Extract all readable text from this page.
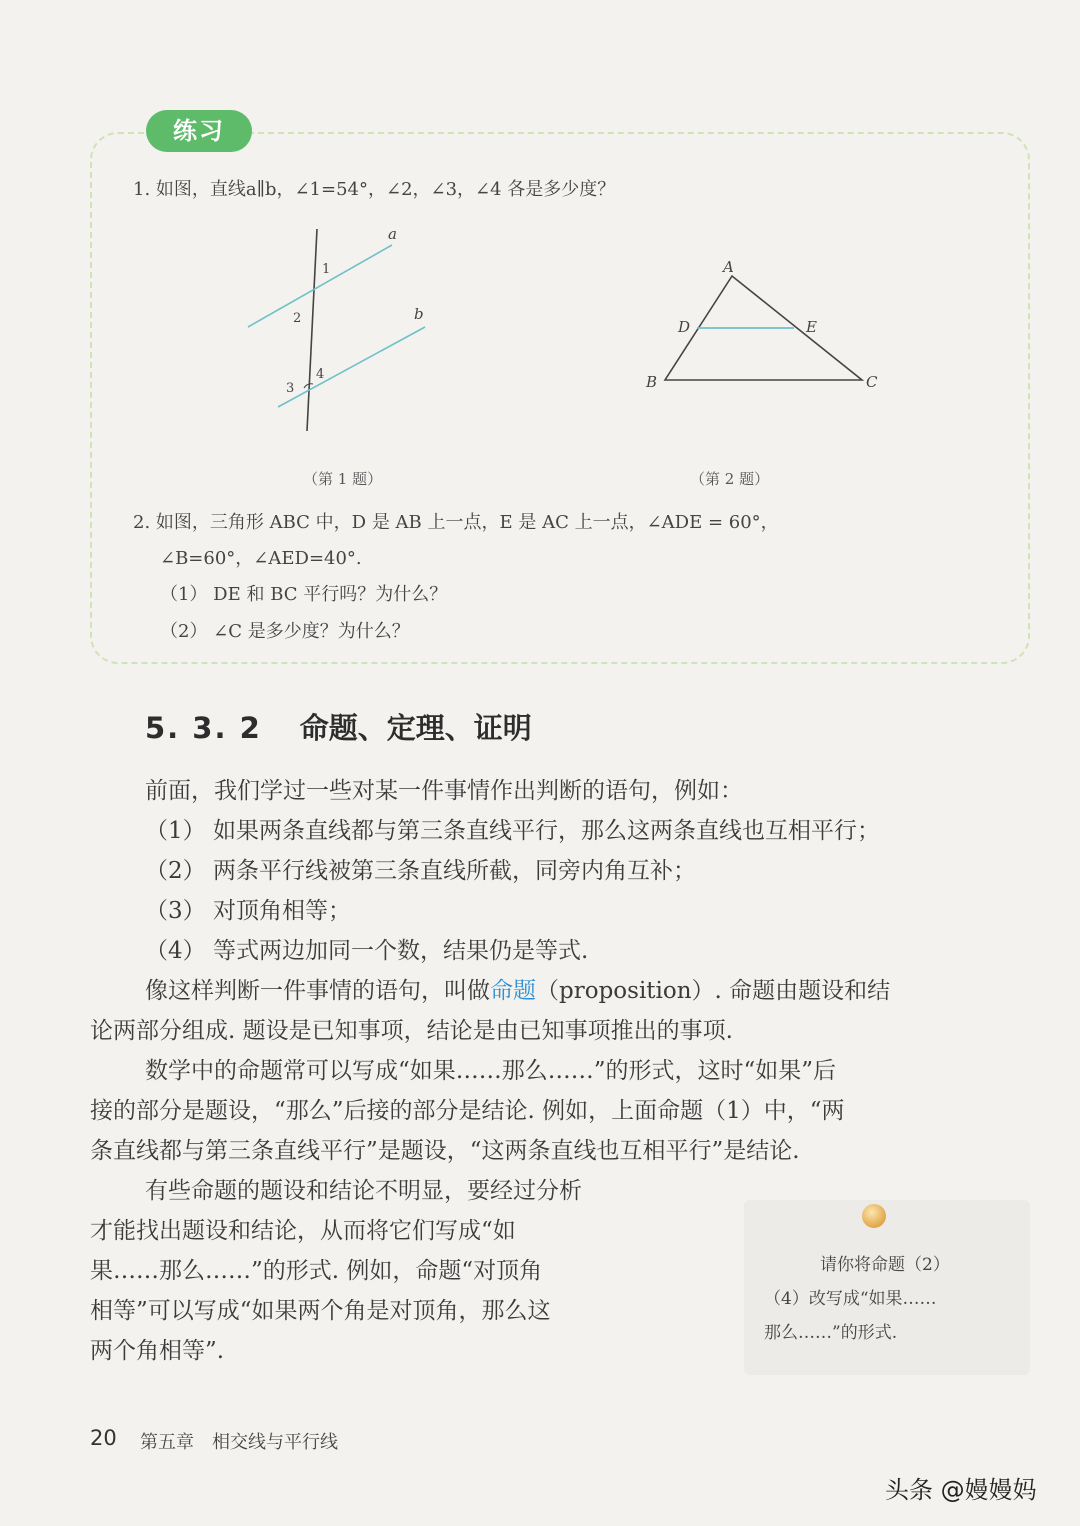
练习
1. 如图，直线a∥b，∠1=54°，∠2，∠3，∠4 各是多少度？
a
b
1
2
3
4
（第 1 题）
A
B	C
D	E
（第 2 题）
2. 如图，三角形 ABC 中，D 是 AB 上一点，E 是 AC 上一点，∠ADE = 60°，
∠B=60°，∠AED=40°.
（1） DE 和 BC 平行吗？为什么？
（2） ∠C 是多少度？为什么？
5. 3. 2 命题、定理、证明
前面，我们学过一些对某一件事情作出判断的语句，例如：
（1） 如果两条直线都与第三条直线平行，那么这两条直线也互相平行；
（2） 两条平行线被第三条直线所截，同旁内角互补；
（3） 对顶角相等；
（4） 等式两边加同一个数，结果仍是等式.
像这样判断一件事情的语句，叫做命题（proposition）. 命题由题设和结
论两部分组成. 题设是已知事项，结论是由已知事项推出的事项.
数学中的命题常可以写成“如果……那么……”的形式，这时“如果”后
接的部分是题设，“那么”后接的部分是结论. 例如，上面命题（1）中，“两
条直线都与第三条直线平行”是题设，“这两条直线也互相平行”是结论.
有些命题的题设和结论不明显，要经过分析
才能找出题设和结论，从而将它们写成“如
果……那么……”的形式. 例如，命题“对顶角
相等”可以写成“如果两个角是对顶角，那么这
两个角相等”.
请你将命题（2）
（4）改写成“如果……
那么……”的形式.
20 第五章　相交线与平行线
头条 @嫚嫚妈
